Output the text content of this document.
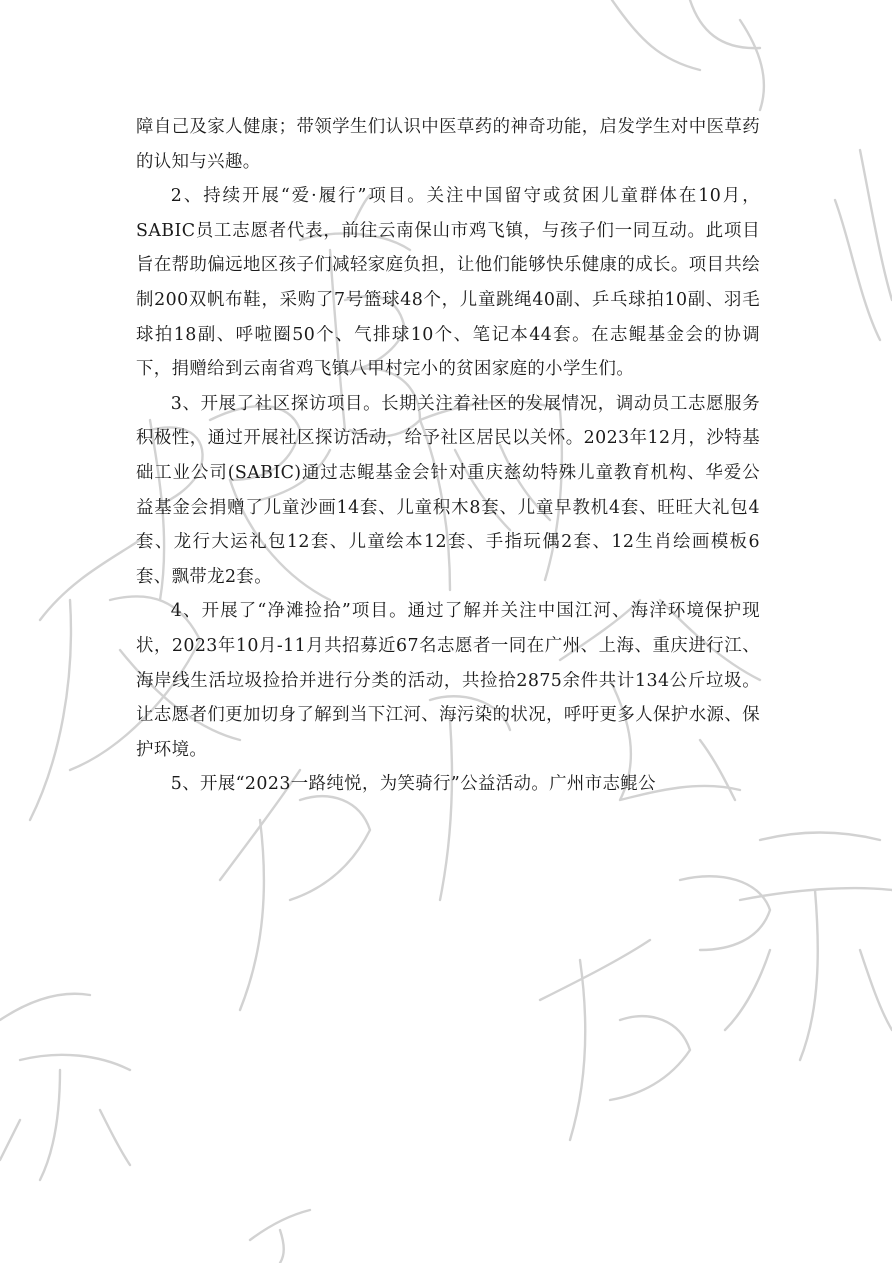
障自己及家人健康；带领学生们认识中医草药的神奇功能，启发学生对中医草药的认知与兴趣。

2、持续开展“爱·履行”项目。关注中国留守或贫困儿童群体在10月，SABIC员工志愿者代表，前往云南保山市鸡飞镇，与孩子们一同互动。此项目旨在帮助偏远地区孩子们减轻家庭负担，让他们能够快乐健康的成长。项目共绘制200双帆布鞋，采购了7号篮球48个，儿童跳绳40副、乒乓球拍10副、羽毛球拍18副、呼啦圈50个、气排球10个、笔记本44套。在志鲲基金会的协调下，捐赠给到云南省鸡飞镇八甲村完小的贫困家庭的小学生们。

3、开展了社区探访项目。长期关注着社区的发展情况，调动员工志愿服务积极性，通过开展社区探访活动，给予社区居民以关怀。2023年12月，沙特基础工业公司(SABIC)通过志鲲基金会针对重庆慈幼特殊儿童教育机构、华爱公益基金会捐赠了儿童沙画14套、儿童积木8套、儿童早教机4套、旺旺大礼包4套、龙行大运礼包12套、儿童绘本12套、手指玩偶2套、12生肖绘画模板6套、飘带龙2套。

4、开展了“净滩捡拾”项目。通过了解并关注中国江河、海洋环境保护现状，2023年10月-11月共招募近67名志愿者一同在广州、上海、重庆进行江、海岸线生活垃圾捡拾并进行分类的活动，共捡拾2875余件共计134公斤垃圾。让志愿者们更加切身了解到当下江河、海污染的状况，呼吁更多人保护水源、保护环境。

5、开展“2023一路纯悦，为笑骑行”公益活动。广州市志鲲公
